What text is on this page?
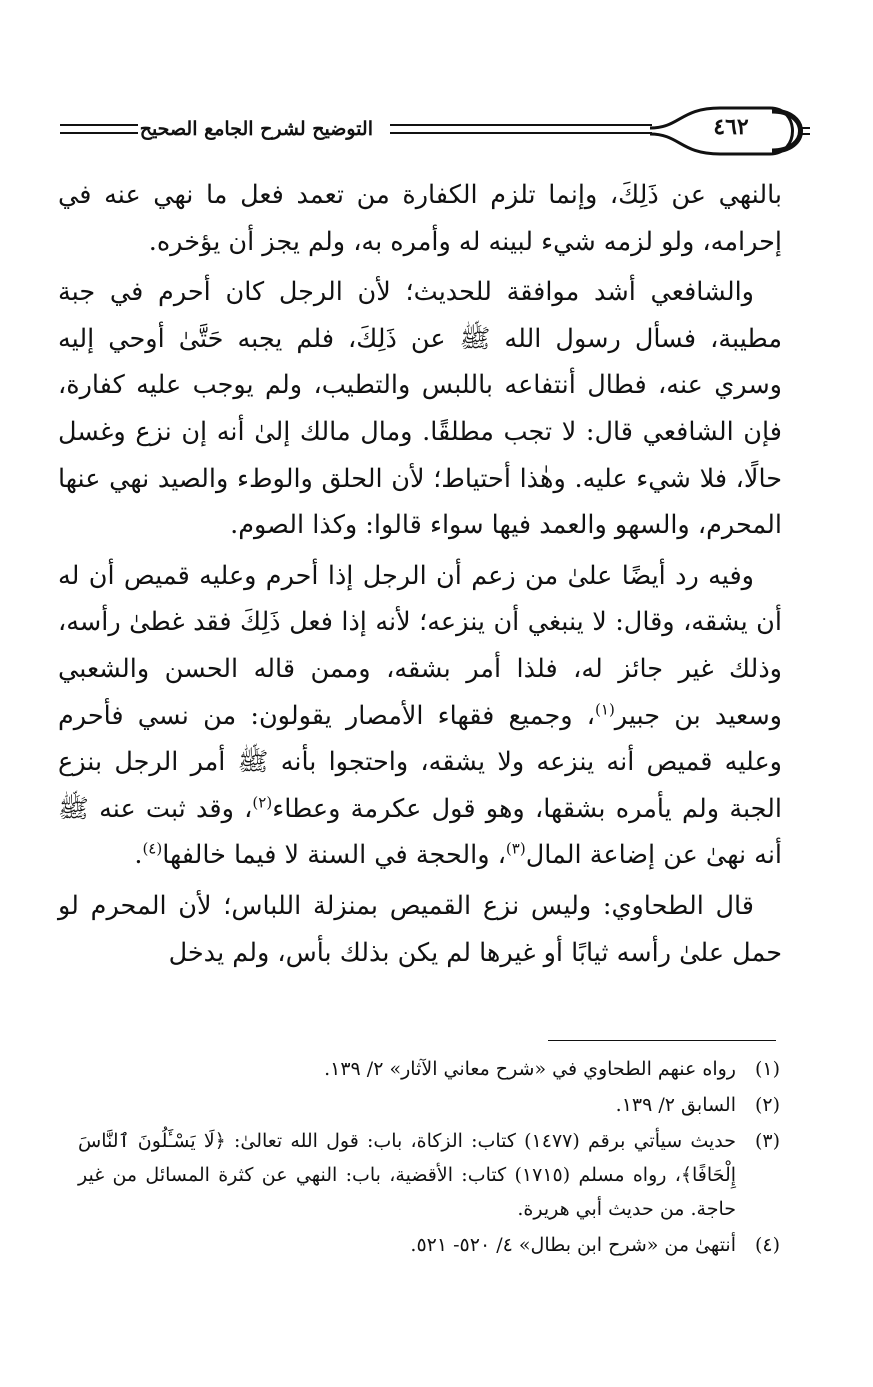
التوضيح لشرح الجامع الصحيح	٤٦٢

بالنهي عن ذَلِكَ، وإنما تلزم الكفارة من تعمد فعل ما نهي عنه في إحرامه، ولو لزمه شيء لبينه له وأمره به، ولم يجز أن يؤخره.

والشافعي أشد موافقة للحديث؛ لأن الرجل كان أحرم في جبة مطيبة، فسأل رسول الله ﷺ عن ذَلِكَ، فلم يجبه حَتَّىٰ أوحي إليه وسري عنه، فطال أنتفاعه باللبس والتطيب، ولم يوجب عليه كفارة، فإن الشافعي قال: لا تجب مطلقًا. ومال مالك إلىٰ أنه إن نزع وغسل حالًا، فلا شيء عليه. وهٰذا أحتياط؛ لأن الحلق والوطء والصيد نهي عنها المحرم، والسهو والعمد فيها سواء قالوا: وكذا الصوم.

وفيه رد أيضًا علىٰ من زعم أن الرجل إذا أحرم وعليه قميص أن له أن يشقه، وقال: لا ينبغي أن ينزعه؛ لأنه إذا فعل ذَلِكَ فقد غطىٰ رأسه، وذلك غير جائز له، فلذا أمر بشقه، وممن قاله الحسن والشعبي وسعيد بن جبير$^{(١)}$، وجميع فقهاء الأمصار يقولون: من نسي فأحرم وعليه قميص أنه ينزعه ولا يشقه، واحتجوا بأنه ﷺ أمر الرجل بنزع الجبة ولم يأمره بشقها، وهو قول عكرمة وعطاء$^{(٢)}$، وقد ثبت عنه ﷺ أنه نهىٰ عن إضاعة المال$^{(٣)}$، والحجة في السنة لا فيما خالفها$^{(٤)}$.

قال الطحاوي: وليس نزع القميص بمنزلة اللباس؛ لأن المحرم لو حمل علىٰ رأسه ثيابًا أو غيرها لم يكن بذلك بأس، ولم يدخل

(١)
رواه عنهم الطحاوي في «شرح معاني الآثار» ٢/ ١٣٩.
(٢)
السابق ٢/ ١٣٩.
(٣)
حديث سيأتي برقم (١٤٧٧) كتاب: الزكاة، باب: قول الله تعالىٰ: ﴿لَا يَسْـَٔلُونَ ٱلنَّاسَ إِلْحَافًا﴾، رواه مسلم (١٧١٥) كتاب: الأقضية، باب: النهي عن كثرة المسائل من غير حاجة. من حديث أبي هريرة.
(٤)
أنتهىٰ من «شرح ابن بطال» ٤/ ٥٢٠- ٥٢١.
